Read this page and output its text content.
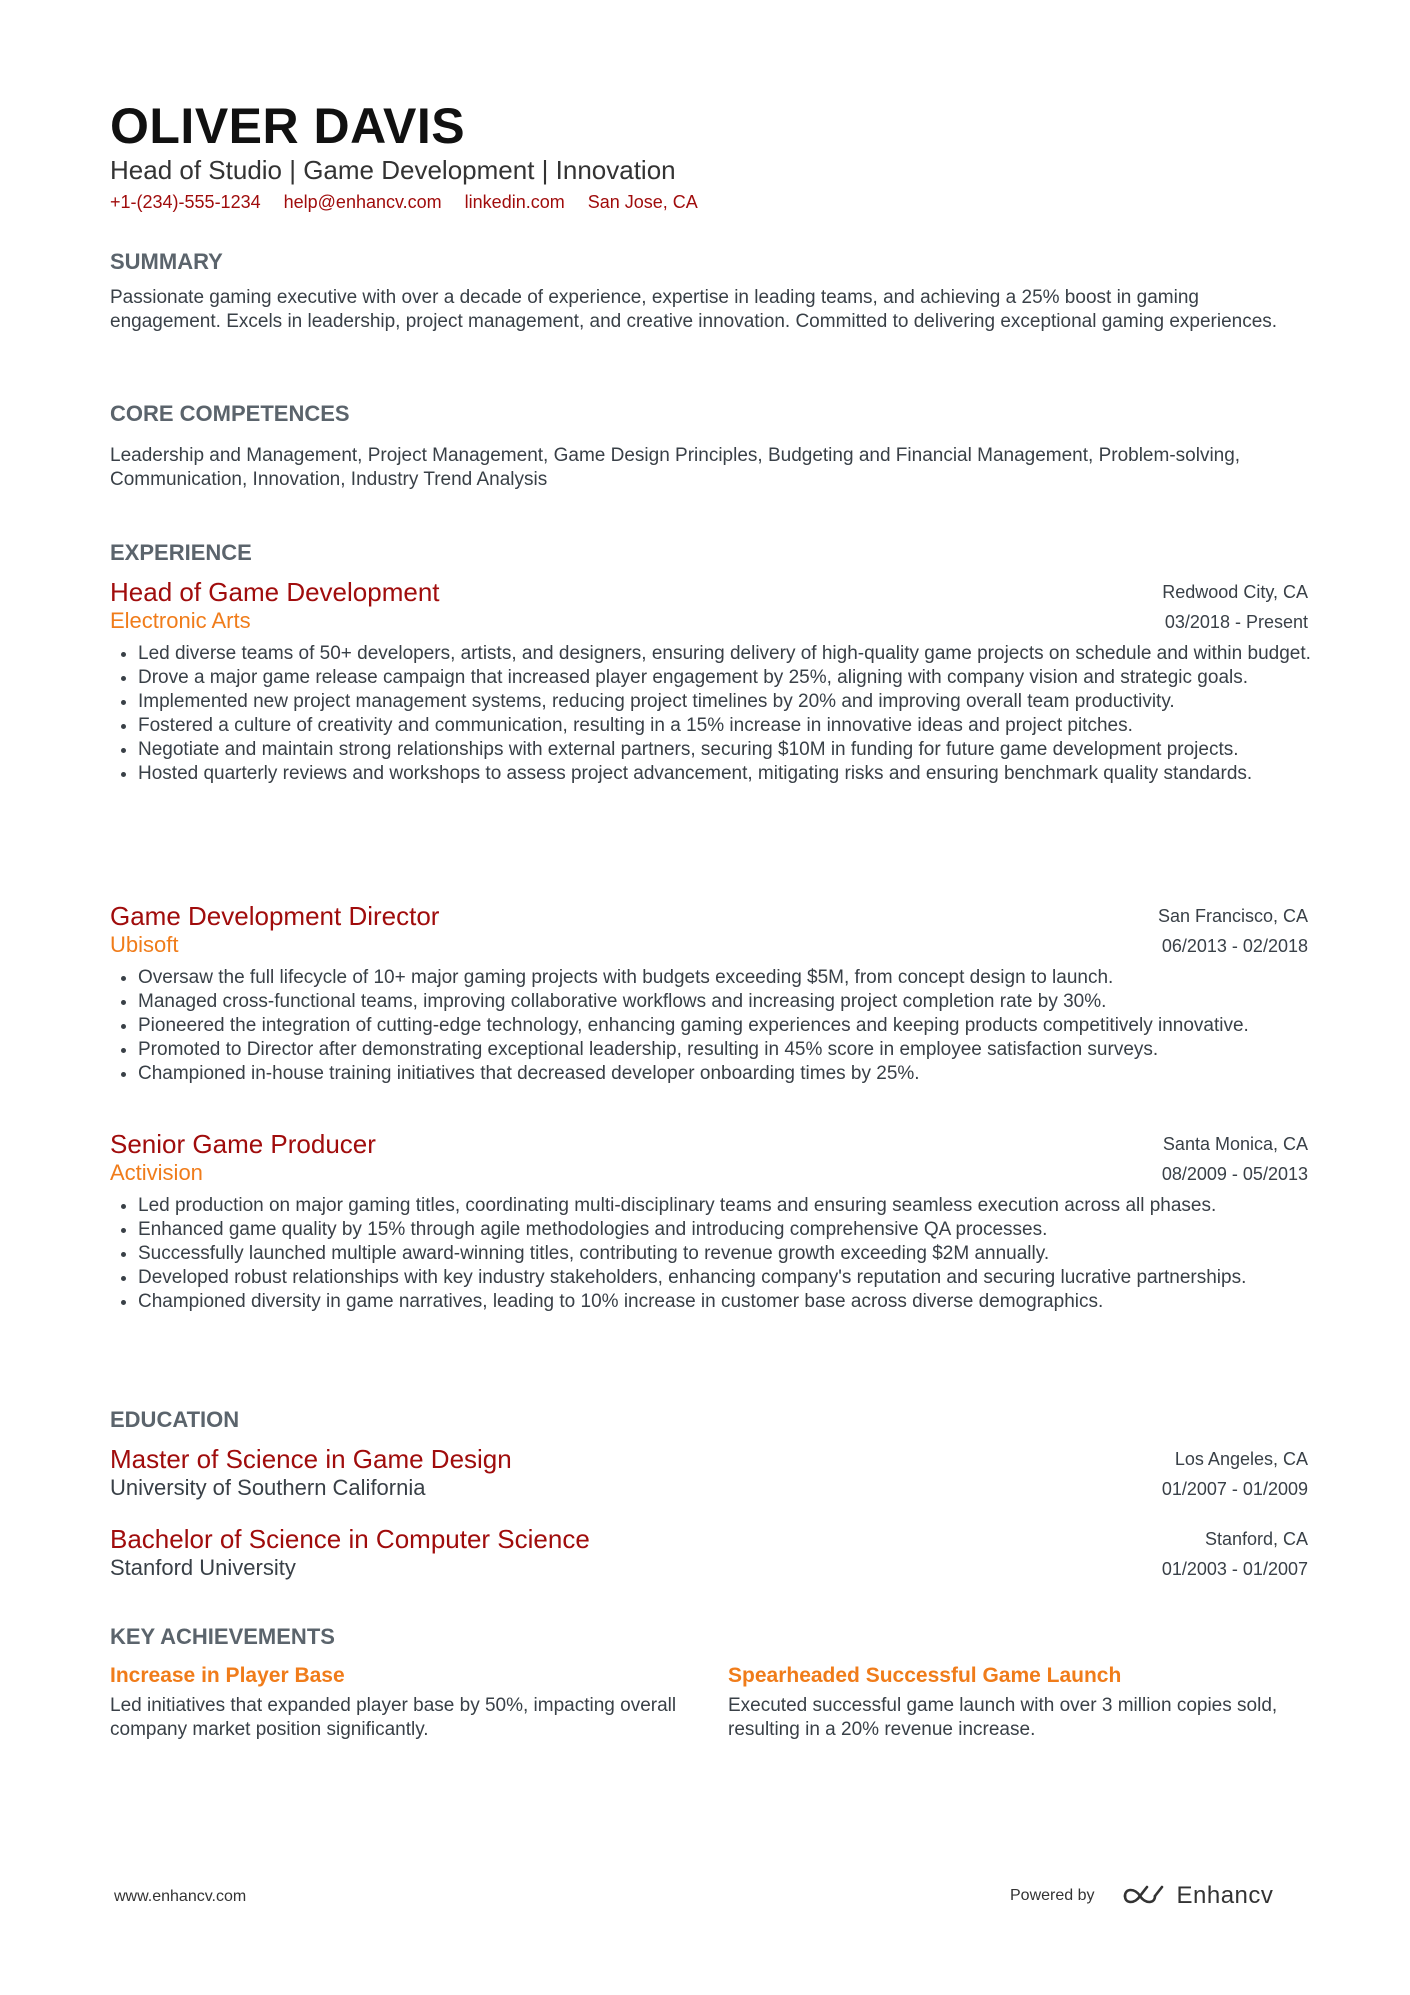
OLIVER DAVIS
Head of Studio | Game Development | Innovation
+1-(234)-555-1234 help@enhancv.com linkedin.com San Jose, CA
SUMMARY
Passionate gaming executive with over a decade of experience, expertise in leading teams, and achieving a 25% boost in gaming engagement. Excels in leadership, project management, and creative innovation. Committed to delivering exceptional gaming experiences.
CORE COMPETENCES
Leadership and Management, Project Management, Game Design Principles, Budgeting and Financial Management, Problem-solving, Communication, Innovation, Industry Trend Analysis
EXPERIENCE
Head of Game Development
Electronic Arts
Redwood City, CA
03/2018 - Present
• Led diverse teams of 50+ developers, artists, and designers, ensuring delivery of high-quality game projects on schedule and within budget.
• Drove a major game release campaign that increased player engagement by 25%, aligning with company vision and strategic goals.
• Implemented new project management systems, reducing project timelines by 20% and improving overall team productivity.
• Fostered a culture of creativity and communication, resulting in a 15% increase in innovative ideas and project pitches.
• Negotiate and maintain strong relationships with external partners, securing $10M in funding for future game development projects.
• Hosted quarterly reviews and workshops to assess project advancement, mitigating risks and ensuring benchmark quality standards.
Game Development Director
Ubisoft
San Francisco, CA
06/2013 - 02/2018
• Oversaw the full lifecycle of 10+ major gaming projects with budgets exceeding $5M, from concept design to launch.
• Managed cross-functional teams, improving collaborative workflows and increasing project completion rate by 30%.
• Pioneered the integration of cutting-edge technology, enhancing gaming experiences and keeping products competitively innovative.
• Promoted to Director after demonstrating exceptional leadership, resulting in 45% score in employee satisfaction surveys.
• Championed in-house training initiatives that decreased developer onboarding times by 25%.
Senior Game Producer
Activision
Santa Monica, CA
08/2009 - 05/2013
• Led production on major gaming titles, coordinating multi-disciplinary teams and ensuring seamless execution across all phases.
• Enhanced game quality by 15% through agile methodologies and introducing comprehensive QA processes.
• Successfully launched multiple award-winning titles, contributing to revenue growth exceeding $2M annually.
• Developed robust relationships with key industry stakeholders, enhancing company's reputation and securing lucrative partnerships.
• Championed diversity in game narratives, leading to 10% increase in customer base across diverse demographics.
EDUCATION
Master of Science in Game Design
University of Southern California
Los Angeles, CA
01/2007 - 01/2009
Bachelor of Science in Computer Science
Stanford University
Stanford, CA
01/2003 - 01/2007
KEY ACHIEVEMENTS
Increase in Player Base
Led initiatives that expanded player base by 50%, impacting overall company market position significantly.
Spearheaded Successful Game Launch
Executed successful game launch with over 3 million copies sold, resulting in a 20% revenue increase.
www.enhancv.com	Powered by	Enhancv
